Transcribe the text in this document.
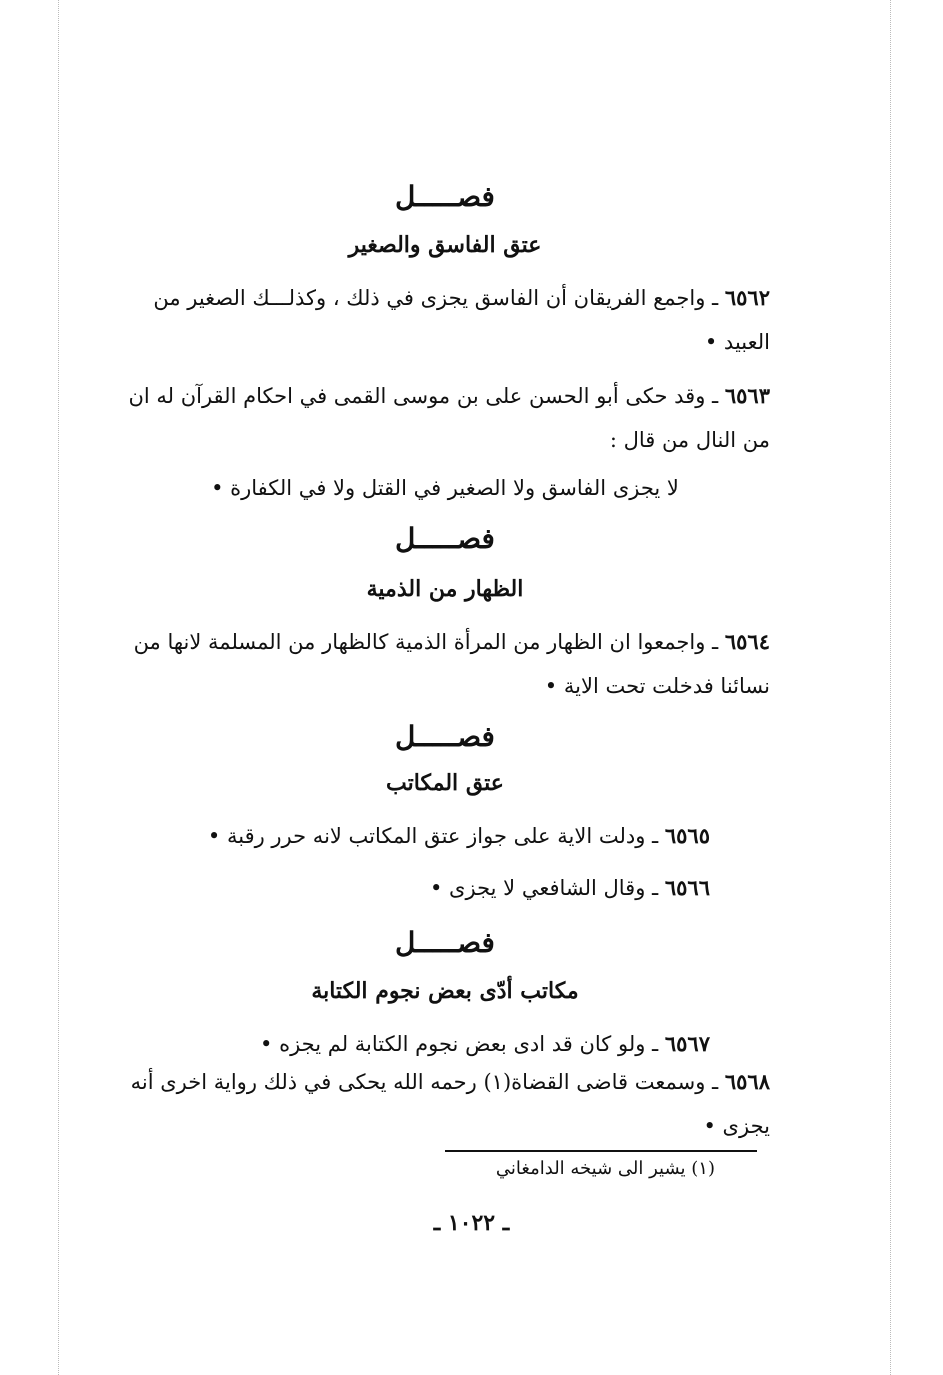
فصـــــل
عتق الفاسق والصغير
٦٥٦٢ ـ واجمع الفريقان أن الفاسق يجزى في ذلك ، وكذلـــك الصغير من العبيد •
٦٥٦٣ ـ وقد حكى أبو الحسن على بن موسى القمى في احكام القرآن له ان من النال من قال :
لا يجزى الفاسق ولا الصغير في القتل ولا في الكفارة •
فصـــــل
الظهار من الذمية
٦٥٦٤ ـ واجمعوا ان الظهار من المرأة الذمية كالظهار من المسلمة لانها من نسائنا فدخلت تحت الاية •
فصـــــل
عتق المكاتب
٦٥٦٥ ـ ودلت الاية على جواز عتق المكاتب لانه حرر رقبة •
٦٥٦٦ ـ وقال الشافعي لا يجزى •
فصـــــل
مكاتب أدّى بعض نجوم الكتابة
٦٥٦٧ ـ ولو كان قد ادى بعض نجوم الكتابة لم يجزه •
٦٥٦٨ ـ وسمعت قاضى القضاة(١) رحمه الله يحكى في ذلك رواية اخرى أنه يجزى •
(١) يشير الى شيخه الدامغاني
ـ ١٠٢٢ ـ
